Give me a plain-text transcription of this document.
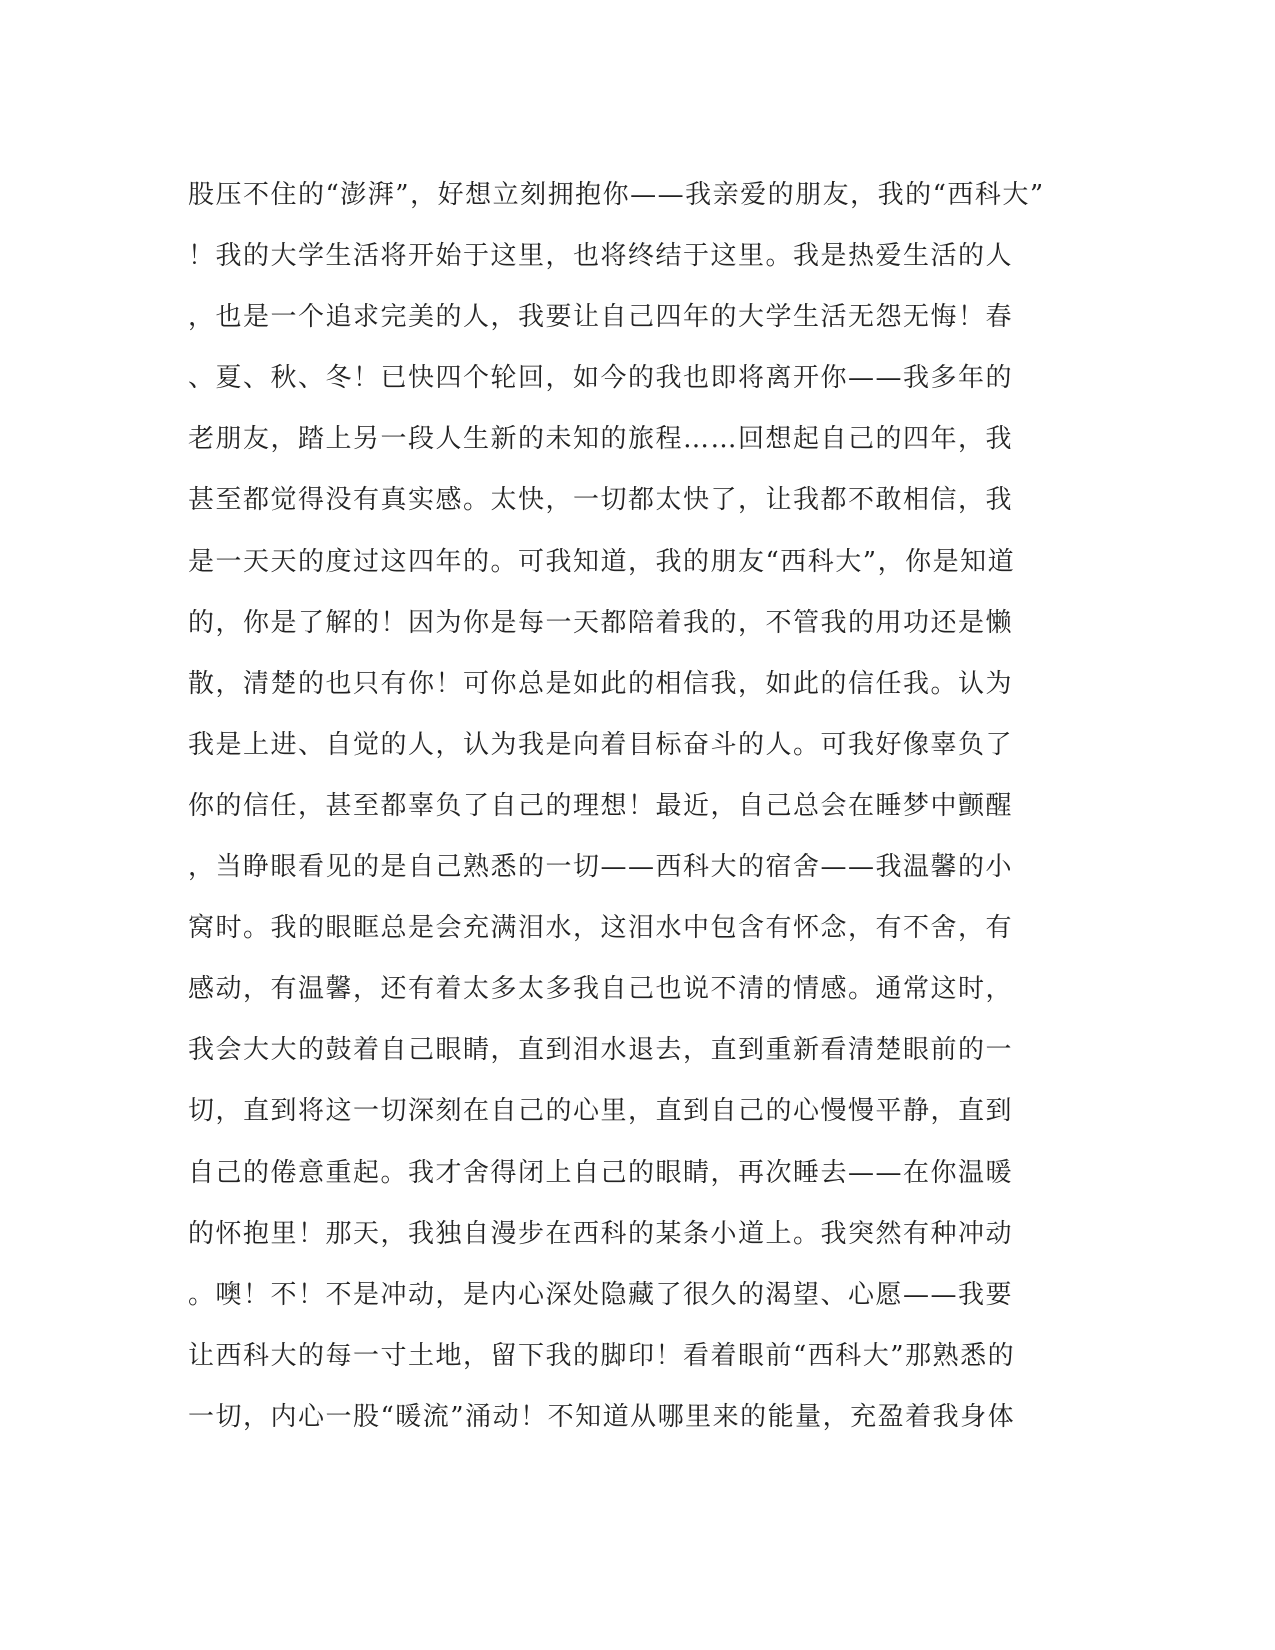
股压不住的“澎湃”，好想立刻拥抱你——我亲爱的朋友，我的“西科大”
！我的大学生活将开始于这里，也将终结于这里。我是热爱生活的人
，也是一个追求完美的人，我要让自己四年的大学生活无怨无悔！春
、夏、秋、冬！已快四个轮回，如今的我也即将离开你——我多年的
老朋友，踏上另一段人生新的未知的旅程……回想起自己的四年，我
甚至都觉得没有真实感。太快，一切都太快了，让我都不敢相信，我
是一天天的度过这四年的。可我知道，我的朋友“西科大”，你是知道
的，你是了解的！因为你是每一天都陪着我的，不管我的用功还是懒
散，清楚的也只有你！可你总是如此的相信我，如此的信任我。认为
我是上进、自觉的人，认为我是向着目标奋斗的人。可我好像辜负了
你的信任，甚至都辜负了自己的理想！最近，自己总会在睡梦中颤醒
，当睁眼看见的是自己熟悉的一切——西科大的宿舍——我温馨的小
窝时。我的眼眶总是会充满泪水，这泪水中包含有怀念，有不舍，有
感动，有温馨，还有着太多太多我自己也说不清的情感。通常这时，
我会大大的鼓着自己眼睛，直到泪水退去，直到重新看清楚眼前的一
切，直到将这一切深刻在自己的心里，直到自己的心慢慢平静，直到
自己的倦意重起。我才舍得闭上自己的眼睛，再次睡去——在你温暖
的怀抱里！那天，我独自漫步在西科的某条小道上。我突然有种冲动
。噢！不！不是冲动，是内心深处隐藏了很久的渴望、心愿——我要
让西科大的每一寸土地，留下我的脚印！看着眼前“西科大”那熟悉的
一切，内心一股“暖流”涌动！不知道从哪里来的能量，充盈着我身体
